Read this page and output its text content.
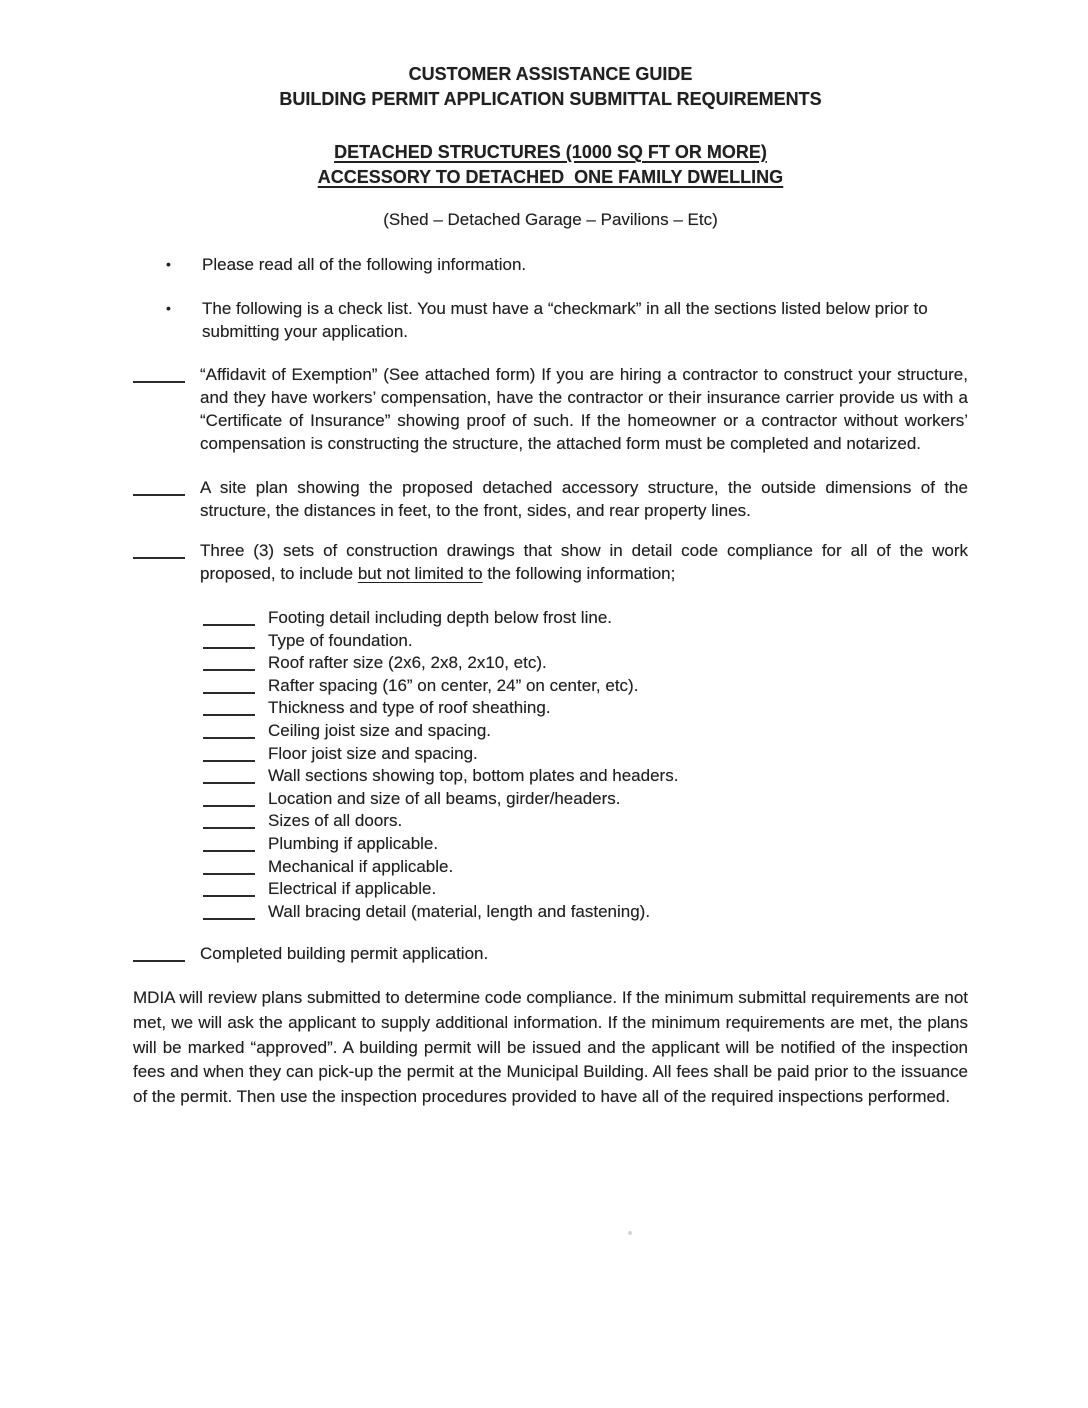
CUSTOMER ASSISTANCE GUIDE
BUILDING PERMIT APPLICATION SUBMITTAL REQUIREMENTS
DETACHED STRUCTURES (1000 SQ FT OR MORE)
ACCESSORY TO DETACHED  ONE FAMILY DWELLING
(Shed – Detached Garage – Pavilions – Etc)
•	Please read all of the following information.
•	The following is a check list. You must have a “checkmark” in all the sections listed below prior to submitting your application.
“Affidavit of Exemption” (See attached form) If you are hiring a contractor to construct your structure, and they have workers’ compensation, have the contractor or their insurance carrier provide us with a “Certificate of Insurance” showing proof of such. If the homeowner or a contractor without workers’ compensation is constructing the structure, the attached form must be completed and notarized.
A site plan showing the proposed detached accessory structure, the outside dimensions of the structure, the distances in feet, to the front, sides, and rear property lines.
Three (3) sets of construction drawings that show in detail code compliance for all of the work proposed, to include but not limited to the following information;
Footing detail including depth below frost line.
Type of foundation.
Roof rafter size (2x6, 2x8, 2x10, etc).
Rafter spacing (16” on center, 24” on center, etc).
Thickness and type of roof sheathing.
Ceiling joist size and spacing.
Floor joist size and spacing.
Wall sections showing top, bottom plates and headers.
Location and size of all beams, girder/headers.
Sizes of all doors.
Plumbing if applicable.
Mechanical if applicable.
Electrical if applicable.
Wall bracing detail (material, length and fastening).
Completed building permit application.

MDIA will review plans submitted to determine code compliance. If the minimum submittal requirements are not met, we will ask the applicant to supply additional information. If the minimum requirements are met, the plans will be marked “approved”. A building permit will be issued and the applicant will be notified of the inspection fees and when they can pick-up the permit at the Municipal Building. All fees shall be paid prior to the issuance of the permit. Then use the inspection procedures provided to have all of the required inspections performed.
